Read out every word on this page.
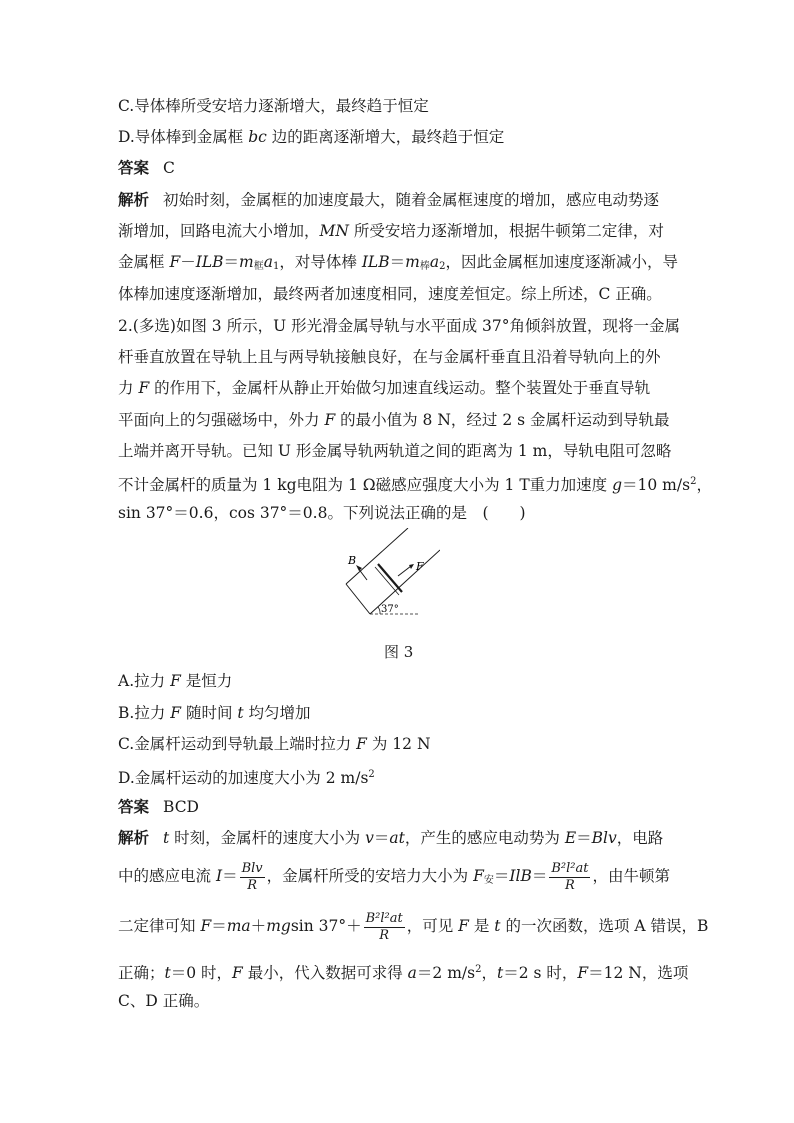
C.导体棒所受安培力逐渐增大，最终趋于恒定
D.导体棒到金属框 bc 边的距离逐渐增大，最终趋于恒定
答案 C
解析 初始时刻，金属框的加速度最大，随着金属框速度的增加，感应电动势逐
渐增加，回路电流大小增加，MN 所受安培力逐渐增加，根据牛顿第二定律，对
金属框 $F-ILB=m_框a_1$，对导体棒 $ILB=m_棒a_2$，因此金属框加速度逐渐减小，导
体棒加速度逐渐增加，最终两者加速度相同，速度差恒定。综上所述，C 正确。
2.(多选)如图 3 所示，U 形光滑金属导轨与水平面成 37°角倾斜放置，现将一金属
杆垂直放置在导轨上且与两导轨接触良好，在与金属杆垂直且沿着导轨向上的外
力 F 的作用下，金属杆从静止开始做匀加速直线运动。整个装置处于垂直导轨
平面向上的匀强磁场中，外力 F 的最小值为 8 N，经过 2 s 金属杆运动到导轨最
上端并离开导轨。已知 U 形金属导轨两轨道之间的距离为 1 m，导轨电阻可忽略
不计金属杆的质量为 1 kg电阻为 1 Ω磁感应强度大小为 1 T重力加速度 g＝10 $m/s^2$，
sin 37°＝0.6，cos 37°＝0.8。下列说法正确的是　(　　)
B	F
37°
图 3
A.拉力 F 是恒力
B.拉力 F 随时间 t 均匀增加
C.金属杆运动到导轨最上端时拉力 F 为 12 N
D.金属杆运动的加速度大小为 2 $m/s^2$
答案 BCD
解析 t 时刻，金属杆的速度大小为 v＝at，产生的感应电动势为 E＝Blv，电路
中的感应电流 $I= \frac{\text{Blv}}{R}$ ，金属杆所受的安培力大小为 $F_安=IlB= \frac{\text{B²l²at}}{R}$ ，由牛顿第
二定律可知 F＝ma＋mgsin $37^\circ+ \frac{\text{B²l²at}}{R}$ ，可见 F 是 t 的一次函数，选项 A 错误，B
正确；t＝0 时，F 最小，代入数据可求得 a＝2 $m/s^2$，t＝2 s 时，F＝12 N，选项
C、D 正确。
